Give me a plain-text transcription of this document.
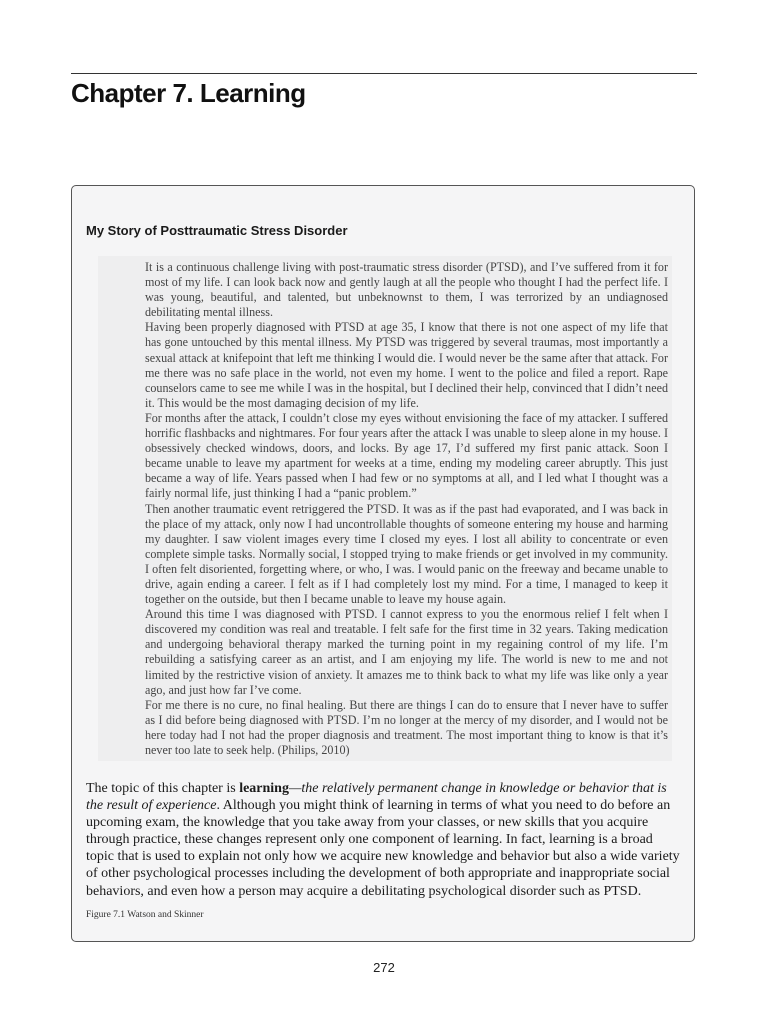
Chapter 7. Learning
My Story of Posttraumatic Stress Disorder

It is a continuous challenge living with post-traumatic stress disorder (PTSD), and I’ve suffered from it for most of my life. I can look back now and gently laugh at all the people who thought I had the perfect life. I was young, beautiful, and talented, but unbeknownst to them, I was terrorized by an undiagnosed debilitating mental illness.

Having been properly diagnosed with PTSD at age 35, I know that there is not one aspect of my life that has gone untouched by this mental illness. My PTSD was triggered by several traumas, most importantly a sexual attack at knifepoint that left me thinking I would die. I would never be the same after that attack. For me there was no safe place in the world, not even my home. I went to the police and filed a report. Rape counselors came to see me while I was in the hospital, but I declined their help, convinced that I didn’t need it. This would be the most damaging decision of my life.

For months after the attack, I couldn’t close my eyes without envisioning the face of my attacker. I suffered horrific flashbacks and nightmares. For four years after the attack I was unable to sleep alone in my house. I obsessively checked windows, doors, and locks. By age 17, I’d suffered my first panic attack. Soon I became unable to leave my apartment for weeks at a time, ending my modeling career abruptly. This just became a way of life. Years passed when I had few or no symptoms at all, and I led what I thought was a fairly normal life, just thinking I had a “panic problem.”

Then another traumatic event retriggered the PTSD. It was as if the past had evaporated, and I was back in the place of my attack, only now I had uncontrollable thoughts of someone entering my house and harming my daughter. I saw violent images every time I closed my eyes. I lost all ability to concentrate or even complete simple tasks. Normally social, I stopped trying to make friends or get involved in my community. I often felt disoriented, forgetting where, or who, I was. I would panic on the freeway and became unable to drive, again ending a career. I felt as if I had completely lost my mind. For a time, I managed to keep it together on the outside, but then I became unable to leave my house again.

Around this time I was diagnosed with PTSD. I cannot express to you the enormous relief I felt when I discovered my condition was real and treatable. I felt safe for the first time in 32 years. Taking medication and undergoing behavioral therapy marked the turning point in my regaining control of my life. I’m rebuilding a satisfying career as an artist, and I am enjoying my life. The world is new to me and not limited by the restrictive vision of anxiety. It amazes me to think back to what my life was like only a year ago, and just how far I’ve come.

For me there is no cure, no final healing. But there are things I can do to ensure that I never have to suffer as I did before being diagnosed with PTSD. I’m no longer at the mercy of my disorder, and I would not be here today had I not had the proper diagnosis and treatment. The most important thing to know is that it’s never too late to seek help. (Philips, 2010)

The topic of this chapter is learning—the relatively permanent change in knowledge or behavior that is the result of experience. Although you might think of learning in terms of what you need to do before an upcoming exam, the knowledge that you take away from your classes, or new skills that you acquire through practice, these changes represent only one component of learning. In fact, learning is a broad topic that is used to explain not only how we acquire new knowledge and behavior but also a wide variety of other psychological processes including the development of both appropriate and inappropriate social behaviors, and even how a person may acquire a debilitating psychological disorder such as PTSD.

Figure 7.1 Watson and Skinner

272
